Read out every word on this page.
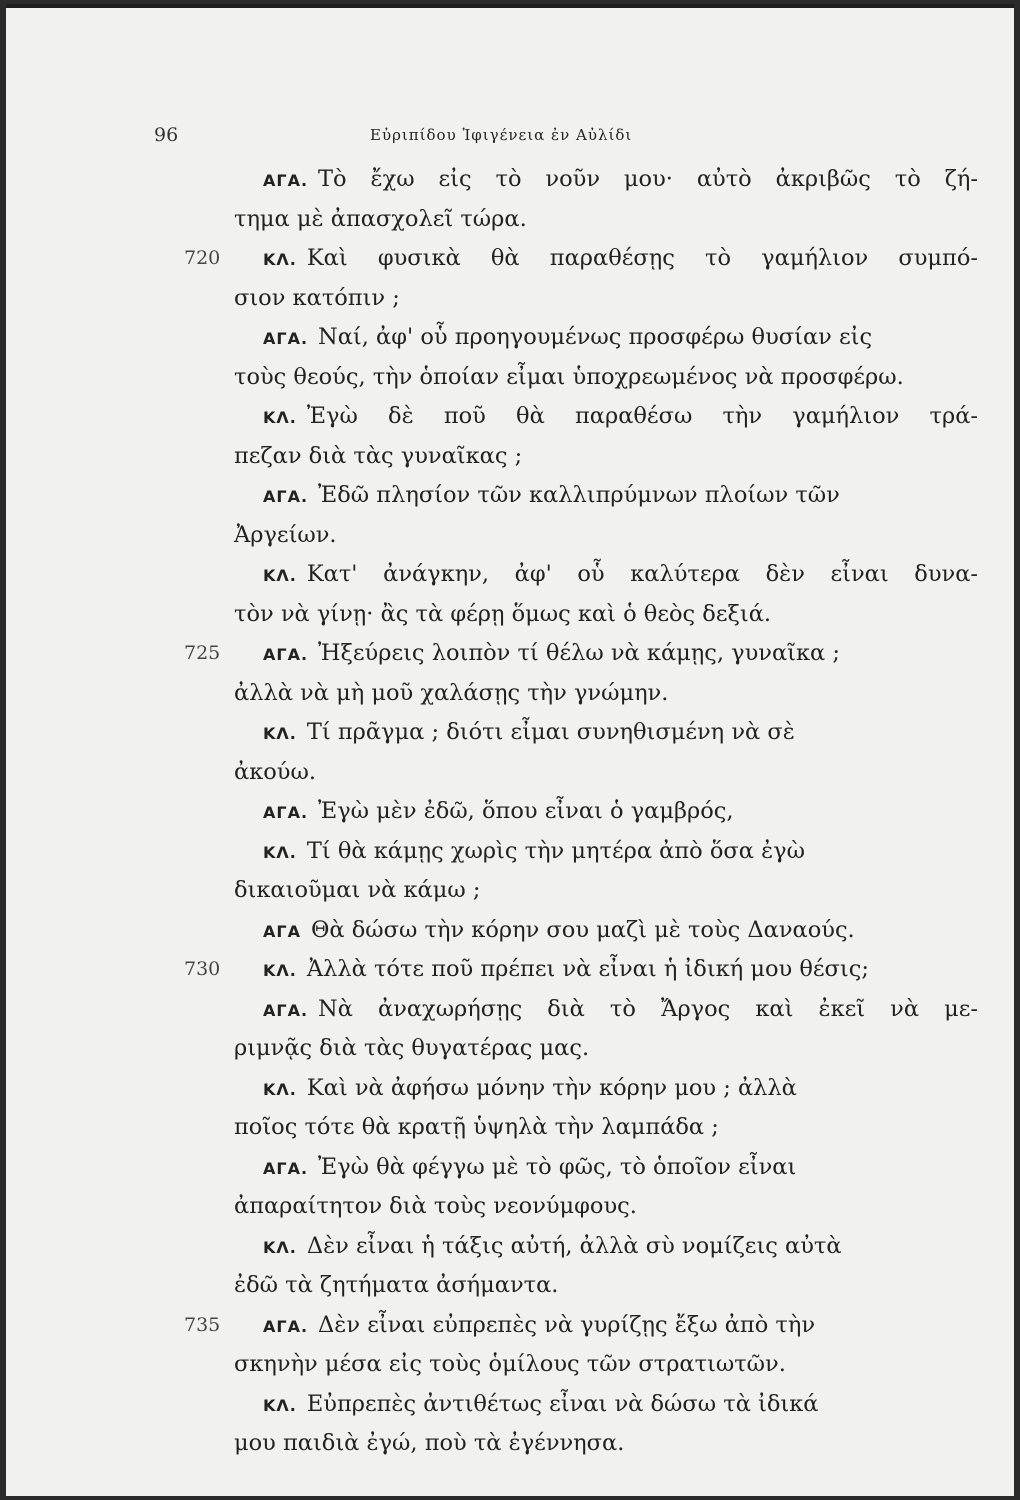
96	Εὐριπίδου Ἰφιγένεια ἐν Αὐλίδι
ΑΓΑ. Τὸ ἔχω εἰς τὸ νοῦν μου· αὐτὸ ἀκριβῶς τὸ ζή-
τημα μὲ ἀπασχολεῖ τώρα.
720	ΚΛ. Καὶ φυσικὰ θὰ παραθέσῃς τὸ γαμήλιον συμπό-
σιον κατόπιν ;
ΑΓΑ. Ναί, ἀφ' οὗ προηγουμένως προσφέρω θυσίαν εἰς
τοὺς θεούς, τὴν ὁποίαν εἶμαι ὑποχρεωμένος νὰ προσφέρω.
ΚΛ. Ἐγὼ δὲ ποῦ θὰ παραθέσω τὴν γαμήλιον τρά-
πεζαν διὰ τὰς γυναῖκας ;
ΑΓΑ. Ἐδῶ πλησίον τῶν καλλιπρύμνων πλοίων τῶν
Ἀργείων.
ΚΛ. Κατ' ἀνάγκην, ἀφ' οὗ καλύτερα δὲν εἶναι δυνα-
τὸν νὰ γίνῃ· ἂς τὰ φέρῃ ὅμως καὶ ὁ θεὸς δεξιά.
725	ΑΓΑ. Ἠξεύρεις λοιπὸν τί θέλω νὰ κάμῃς, γυναῖκα ;
ἀλλὰ νὰ μὴ μοῦ χαλάσῃς τὴν γνώμην.
ΚΛ. Τί πρᾶγμα ; διότι εἶμαι συνηθισμένη νὰ σὲ
ἀκούω.
ΑΓΑ. Ἐγὼ μὲν ἐδῶ, ὅπου εἶναι ὁ γαμβρός,
ΚΛ. Τί θὰ κάμῃς χωρὶς τὴν μητέρα ἀπὸ ὅσα ἐγὼ
δικαιοῦμαι νὰ κάμω ;
ΑΓΑ Θὰ δώσω τὴν κόρην σου μαζὶ μὲ τοὺς Δαναούς.
730	ΚΛ. Ἀλλὰ τότε ποῦ πρέπει νὰ εἶναι ἡ ἰδική μου θέσις;
ΑΓΑ. Νὰ ἀναχωρήσῃς διὰ τὸ Ἄργος καὶ ἐκεῖ νὰ με-
ριμνᾷς διὰ τὰς θυγατέρας μας.
ΚΛ. Καὶ νὰ ἀφήσω μόνην τὴν κόρην μου ; ἀλλὰ
ποῖος τότε θὰ κρατῇ ὑψηλὰ τὴν λαμπάδα ;
ΑΓΑ. Ἐγὼ θὰ φέγγω μὲ τὸ φῶς, τὸ ὁποῖον εἶναι
ἀπαραίτητον διὰ τοὺς νεονύμφους.
ΚΛ. Δὲν εἶναι ἡ τάξις αὐτή, ἀλλὰ σὺ νομίζεις αὐτὰ
ἐδῶ τὰ ζητήματα ἀσήμαντα.
735	ΑΓΑ. Δὲν εἶναι εὐπρεπὲς νὰ γυρίζῃς ἔξω ἀπὸ τὴν
σκηνὴν μέσα εἰς τοὺς ὁμίλους τῶν στρατιωτῶν.
ΚΛ. Εὐπρεπὲς ἀντιθέτως εἶναι νὰ δώσω τὰ ἰδικά
μου παιδιὰ ἐγώ, ποὺ τὰ ἐγέννησα.
